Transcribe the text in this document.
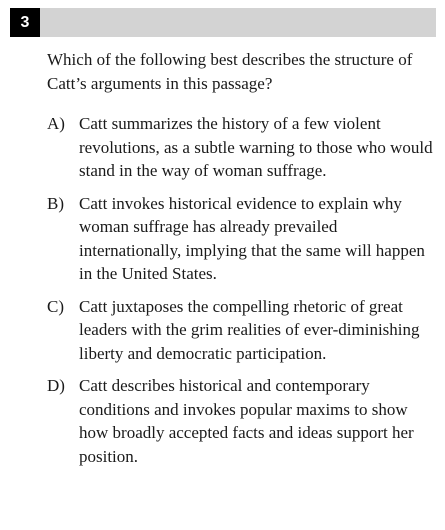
3

Which of the following best describes the structure of Catt’s arguments in this passage?

A) Catt summarizes the history of a few violent revolutions, as a subtle warning to those who would stand in the way of woman suffrage.
B) Catt invokes historical evidence to explain why woman suffrage has already prevailed internationally, implying that the same will happen in the United States.
C) Catt juxtaposes the compelling rhetoric of great leaders with the grim realities of ever-diminishing liberty and democratic participation.
D) Catt describes historical and contemporary conditions and invokes popular maxims to show how broadly accepted facts and ideas support her position.
